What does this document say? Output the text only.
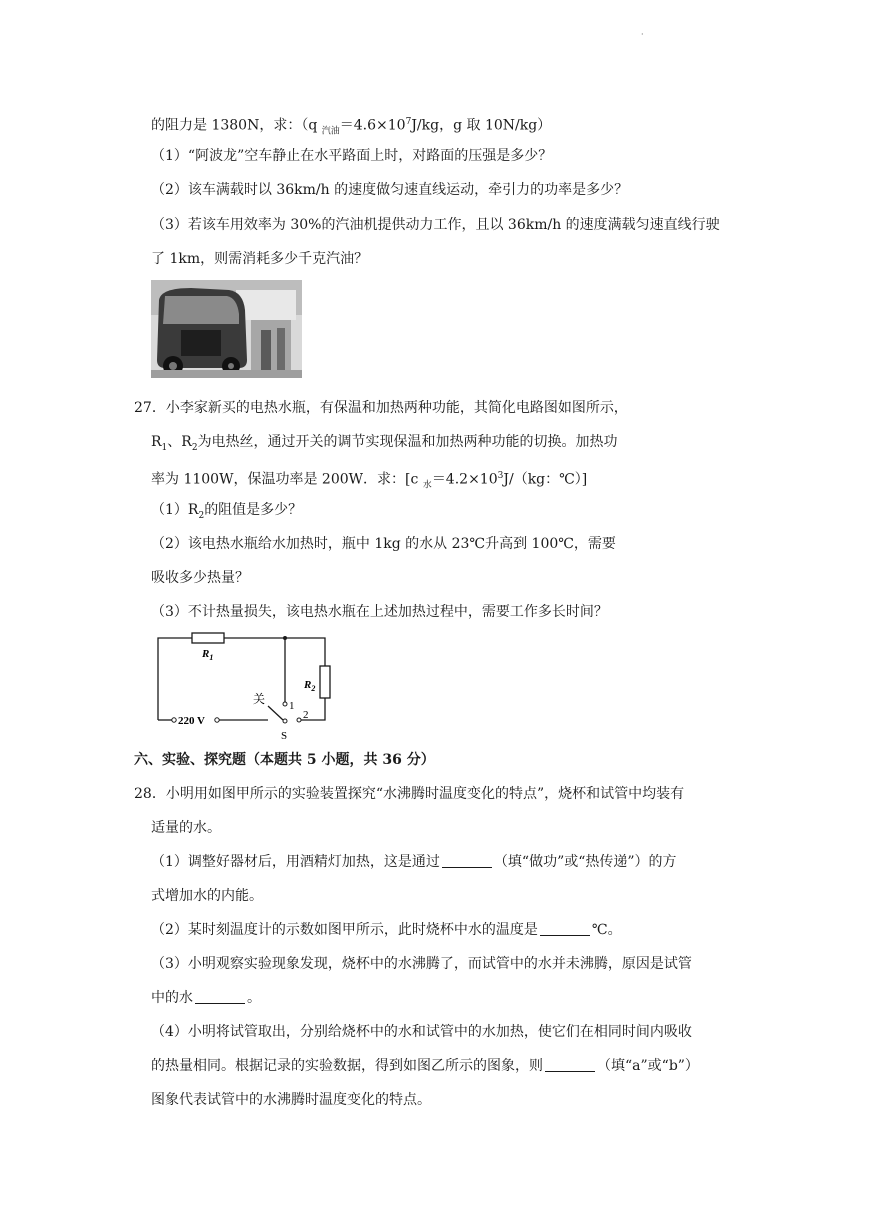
·
的阻力是 1380N，求：（q $_{汽油}=4.6\times 10^7J/kg$，g 取 10N/kg）
（1）“阿波龙”空车静止在水平路面上时，对路面的压强是多少？
（2）该车满载时以 36km/h 的速度做匀速直线运动，牵引力的功率是多少？
（3）若该车用效率为 30%的汽油机提供动力工作，且以 36km/h 的速度满载匀速直线行驶
了 1km，则需消耗多少千克汽油？
27．小李家新买的电热水瓶，有保温和加热两种功能，其简化电路图如图所示，
$R_1$、$R_2$为电热丝，通过开关的调节实现保温和加热两种功能的切换。加热功
率为 1100W，保温功率是 200W．求：[c $_水=4.2\times 10^3J/(kg$：℃）]
$(1)R_2$的阻值是多少？
（2）该电热水瓶给水加热时，瓶中 1kg 的水从 23℃升高到 100℃，需要
吸收多少热量？
（3）不计热量损失，该电热水瓶在上述加热过程中，需要工作多长时间？
$R_1$
$R_2$
220 V
关 1
2
S
六、实验、探究题（本题共 5 小题，共 36 分）
28．小明用如图甲所示的实验装置探究“水沸腾时温度变化的特点”，烧杯和试管中均装有
适量的水。
（1）调整好器材后，用酒精灯加热，这是通过	（填“做功”或“热传递”）的方
式增加水的内能。
（2）某时刻温度计的示数如图甲所示，此时烧杯中水的温度是	℃。
（3）小明观察实验现象发现，烧杯中的水沸腾了，而试管中的水并未沸腾，原因是试管
中的水	。
（4）小明将试管取出，分别给烧杯中的水和试管中的水加热，使它们在相同时间内吸收
的热量相同。根据记录的实验数据，得到如图乙所示的图象，则	（填“a”或“b”）
图象代表试管中的水沸腾时温度变化的特点。
